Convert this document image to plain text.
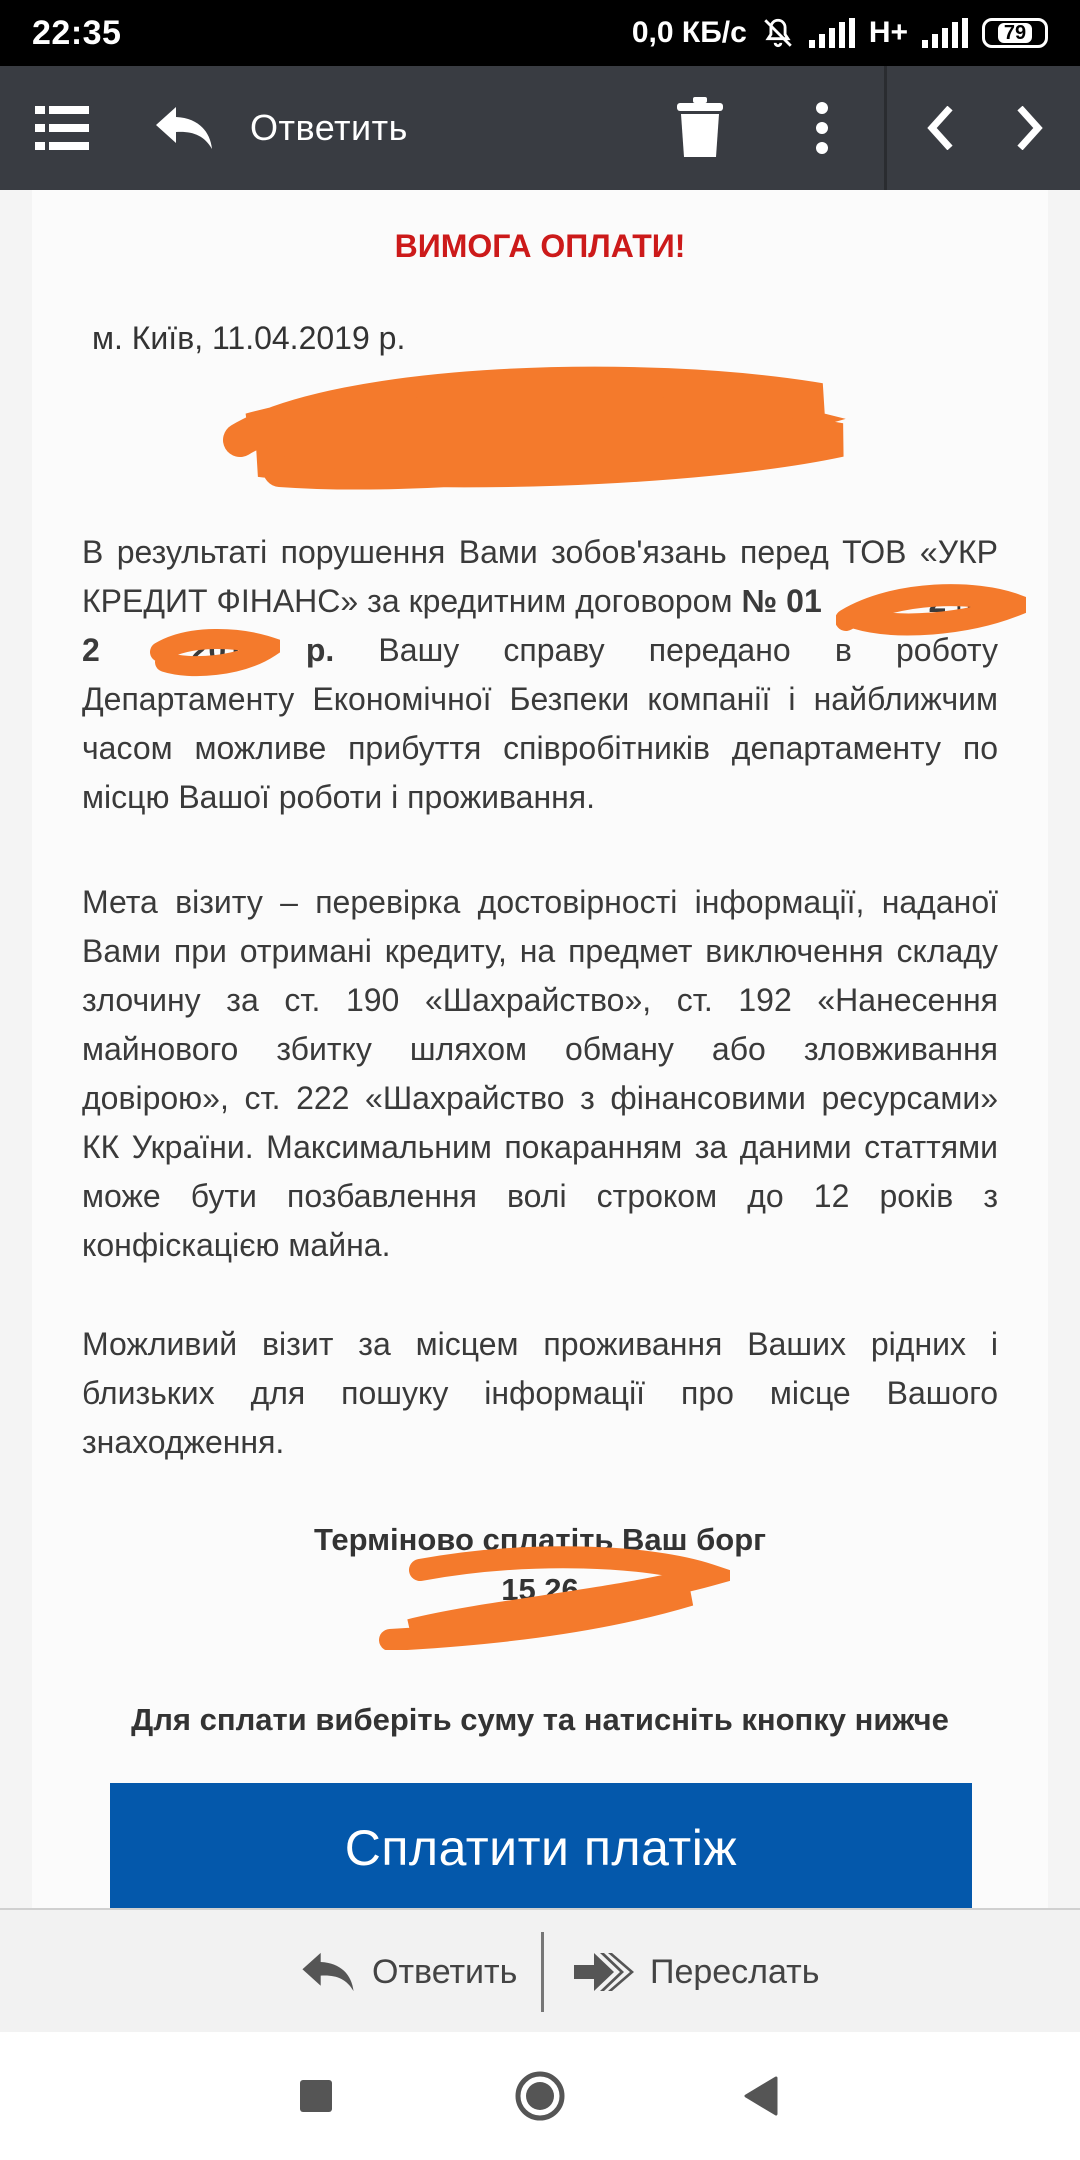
22:35	0,0 КБ/с	H+	79
Ответить
ВИМОГА ОПЛАТИ!
м. Київ, 11.04.2019 р.
В результаті порушення Вами зобов'язань перед ТОВ «УКР КРЕДИТ ФІНАНС» за кредитним договором № 01	2 від 2 2.2019 р. Вашу справу передано в роботу Департаменту Економічної Безпеки компанії і найближчим часом можливе прибуття співробітників департаменту по місцю Вашої роботи і проживання.
Мета візиту – перевірка достовірності інформації, наданої Вами при отримані кредиту, на предмет виключення складу злочину за ст. 190 «Шахрайство», ст. 192 «Нанесення майнового збитку шляхом обману або зловживання довірою», ст. 222 «Шахрайство з фінансовими ресурсами» КК України. Максимальним покаранням за даними статтями може бути позбавлення волі строком до 12 років з конфіскацією майна.
Можливий візит за місцем проживання Ваших рідних і близьких для пошуку інформації про місце Вашого знаходження.
Терміново сплатіть Ваш борг
15 26
Для сплати виберіть суму та натисніть кнопку нижче
Сплатити платіж
Ответить	Переслать
